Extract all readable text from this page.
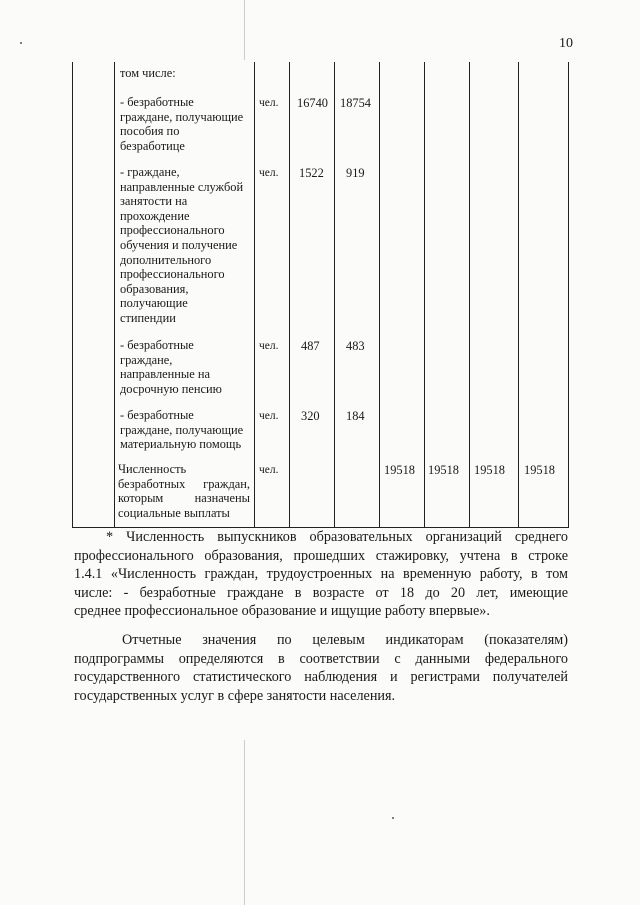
10
том числе:
- безработные
граждане, получающие
пособия по
безработице
чел. 16740 18754
- граждане,
направленные службой
занятости на
прохождение
профессионального
обучения и получение
дополнительного
профессионального
образования,
получающие
стипендии
чел. 1522 919
- безработные
граждане,
направленные на
досрочную пенсию
чел. 487 483
- безработные
граждане, получающие
материальную помощь
чел. 320 184
Численность
безработных граждан,
которым назначены
социальные выплаты
чел.	19518 19518 19518 19518
* Численность выпускников образовательных организаций среднего
профессионального образования, прошедших стажировку, учтена в строке
1.4.1 «Численность граждан, трудоустроенных на временную работу, в том
числе: - безработные граждане в возрасте от 18 до 20 лет, имеющие
среднее профессиональное образование и ищущие работу впервые».
Отчетные значения по целевым индикаторам (показателям)
подпрограммы определяются в соответствии с данными федерального
государственного статистического наблюдения и регистрами получателей
государственных услуг в сфере занятости населения.
